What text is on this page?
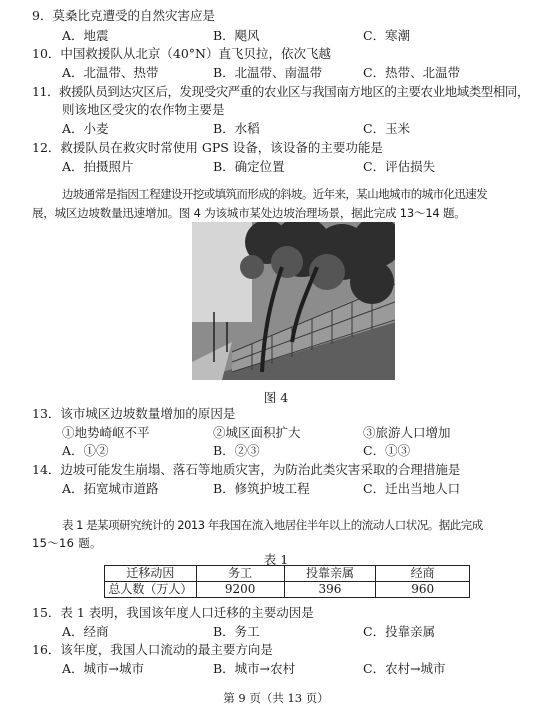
9．莫桑比克遭受的自然灾害应是
A．地震	B．飓风	C．寒潮
10．中国救援队从北京（40°N）直飞贝拉，依次飞越
A．北温带、热带	B．北温带、南温带	C．热带、北温带
11．救援队员到达灾区后，发现受灾严重的农业区与我国南方地区的主要农业地域类型相同，
则该地区受灾的农作物主要是
A．小麦	B．水稻	C．玉米
12．救援队员在救灾时常使用 GPS 设备，该设备的主要功能是
A．拍摄照片	B．确定位置	C．评估损失
边坡通常是指因工程建设开挖或填筑而形成的斜坡。近年来，某山地城市的城市化迅速发
展，城区边坡数量迅速增加。图 4 为该城市某处边坡治理场景，据此完成 13～14 题。
图 4
13．该市城区边坡数量增加的原因是
①地势崎岖不平	②城区面积扩大	③旅游人口增加
A．①②	B．②③	C．①③
14．边坡可能发生崩塌、落石等地质灾害，为防治此类灾害采取的合理措施是
A．拓宽城市道路	B．修筑护坡工程	C．迁出当地人口
表 1 是某项研究统计的 2013 年我国在流入地居住半年以上的流动人口状况。据此完成
15～16 题。
表 1
迁移动因	务工	投靠亲属	经商
总人数（万人）	9200	396	960
15．表 1 表明，我国该年度人口迁移的主要动因是
A．经商	B．务工	C．投靠亲属
16．该年度，我国人口流动的最主要方向是
A．城市→城市	B．城市→农村	C．农村→城市
第 9 页（共 13 页）
